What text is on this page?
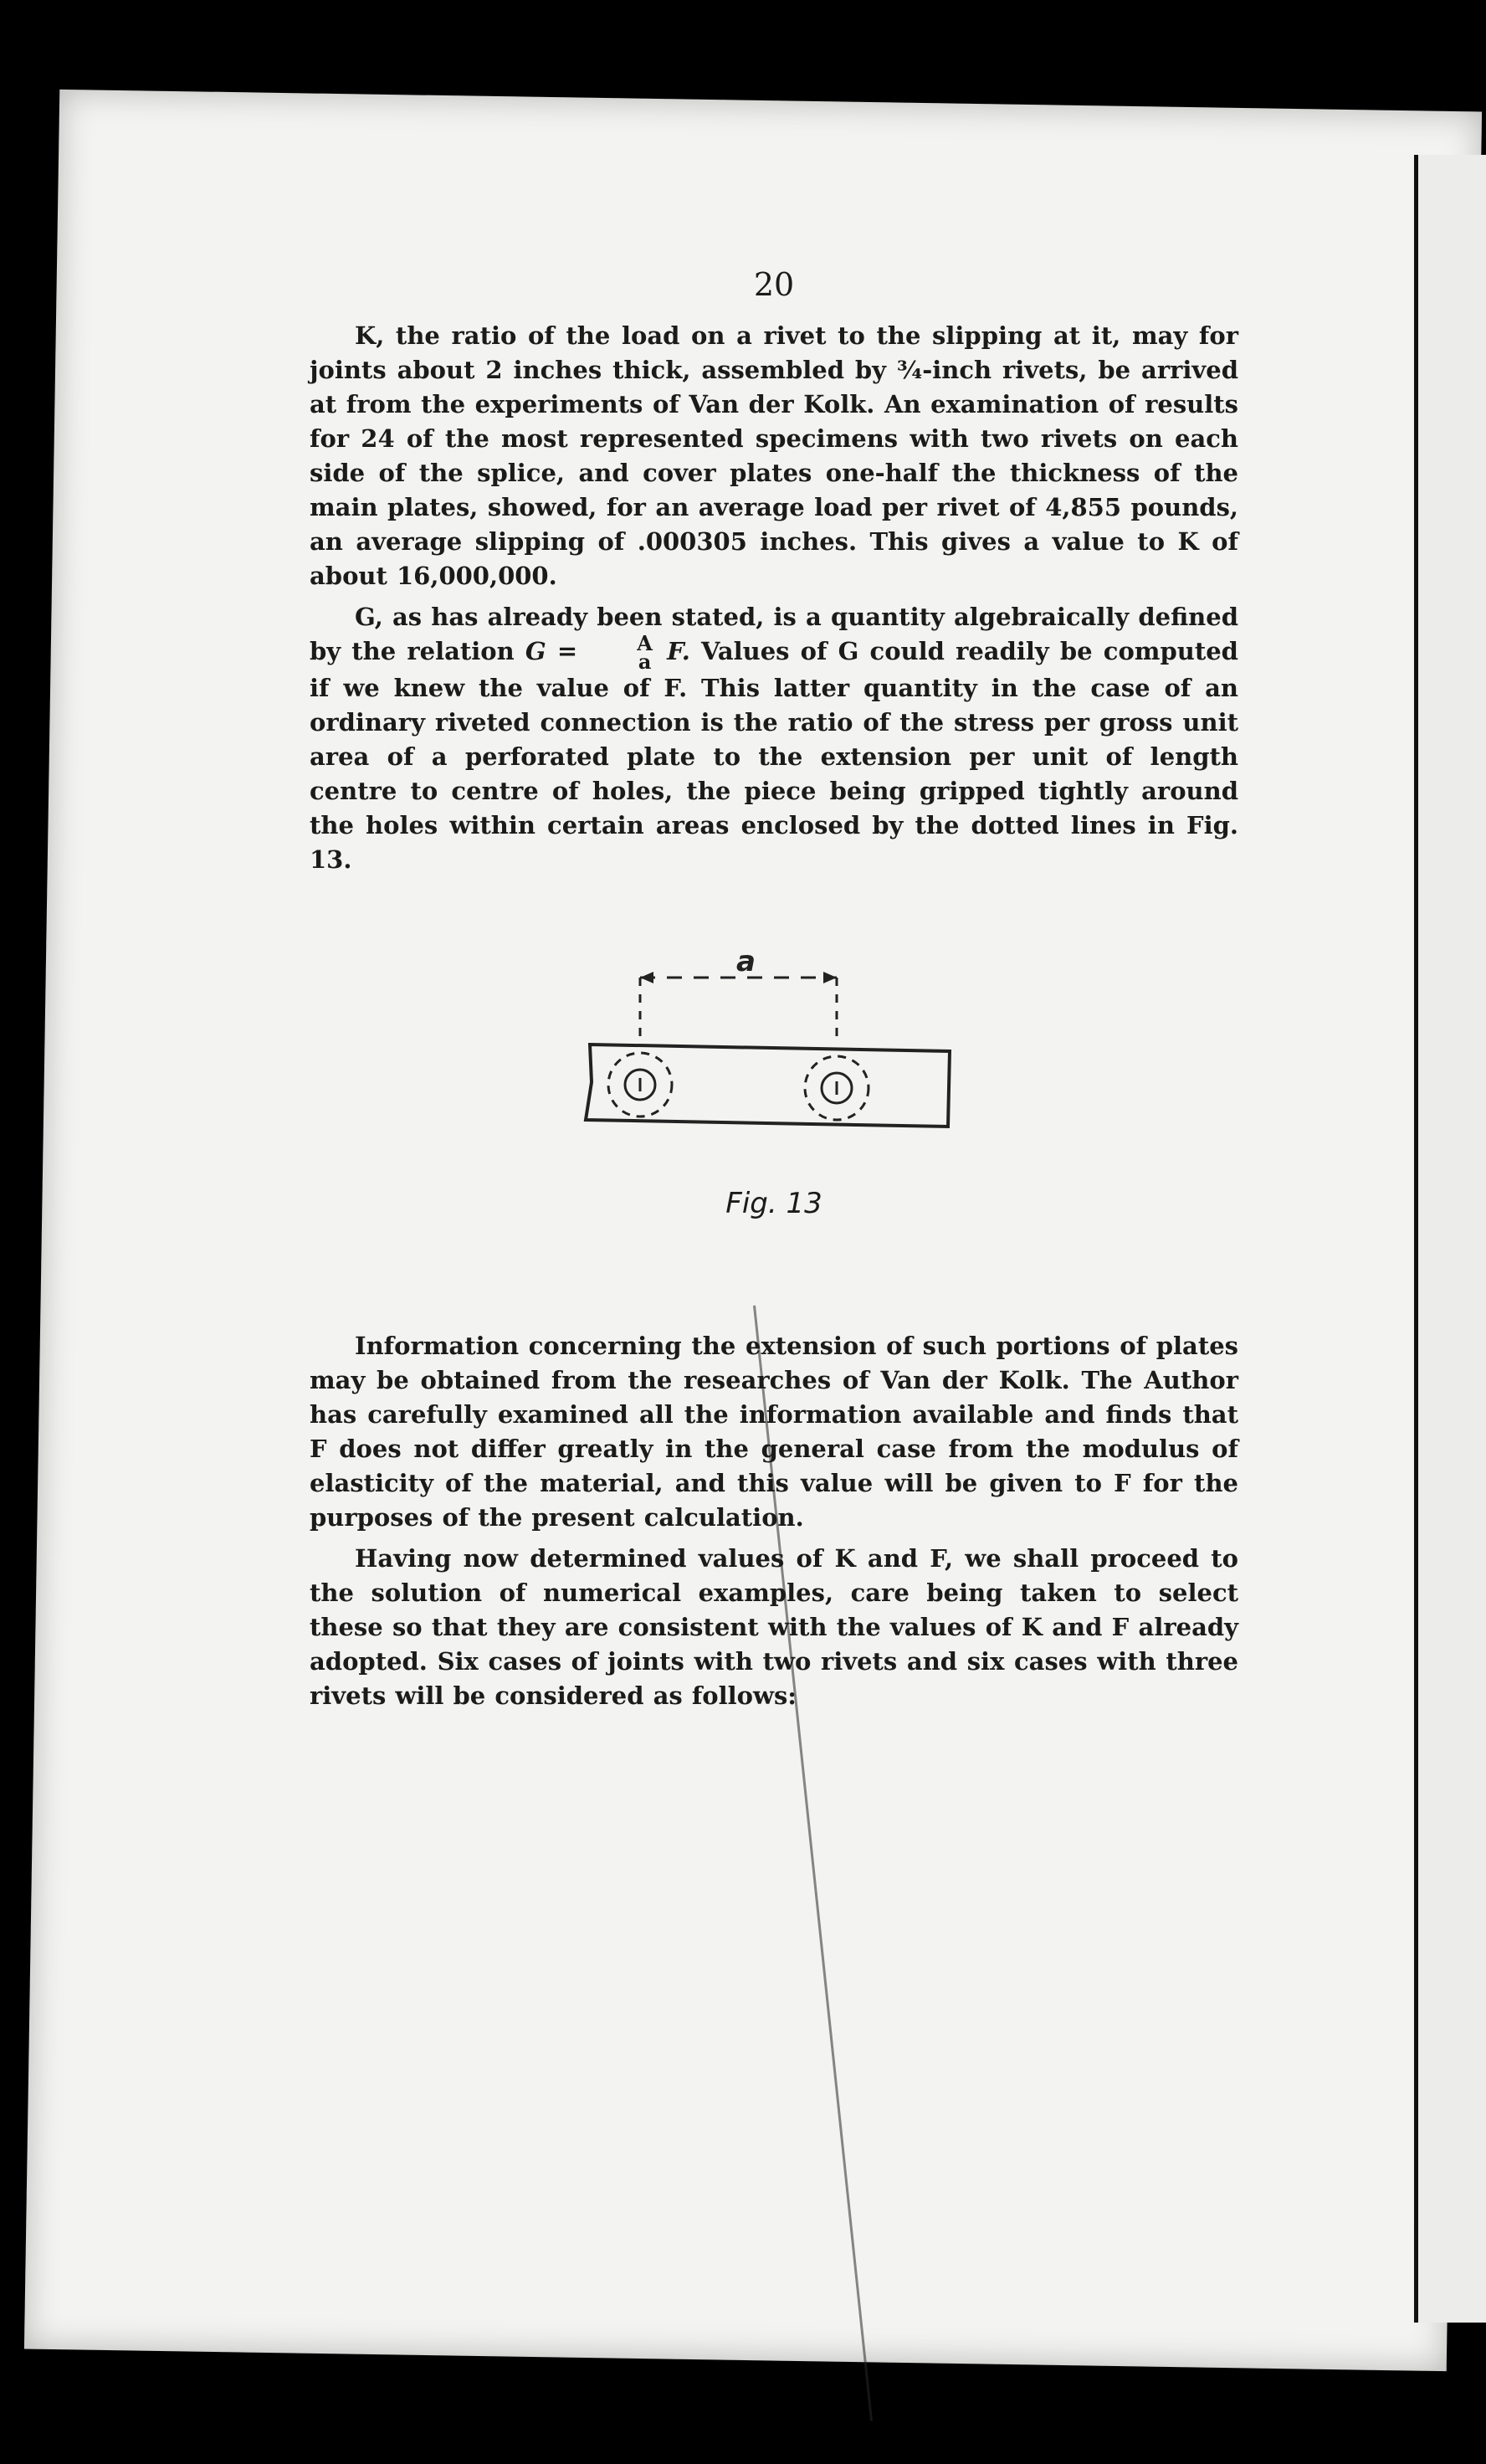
20

K, the ratio of the load on a rivet to the slipping at it, may for joints about 2 inches thick, assembled by ¾-inch rivets, be arrived at from the experiments of Van der Kolk. An examination of results for 24 of the most represented specimens with two rivets on each side of the splice, and cover plates one-half the thickness of the main plates, showed, for an average load per rivet of 4,855 pounds, an average slipping of .000305 inches. This gives a value to K of about 16,000,000.

G, as has already been stated, is a quantity algebraically defined by the relation G =	A
a F. Values of G could readily be computed if we knew the value of F. This latter quantity in the case of an ordinary riveted connection is the ratio of the stress per gross unit area of a perforated plate to the extension per unit of length centre to centre of holes, the piece being gripped tightly around the holes within certain areas enclosed by the dotted lines in Fig. 13.

a
Fig. 13

Information concerning the extension of such portions of plates may be obtained from the researches of Van der Kolk. The Author has carefully examined all the information available and finds that F does not differ greatly in the general case from the modulus of elasticity of the material, and this value will be given to F for the purposes of the present calculation.

Having now determined values of K and F, we shall proceed to the solution of numerical examples, care being taken to select these so that they are consistent with the values of K and F already adopted. Six cases of joints with two rivets and six cases with three rivets will be considered as follows:
